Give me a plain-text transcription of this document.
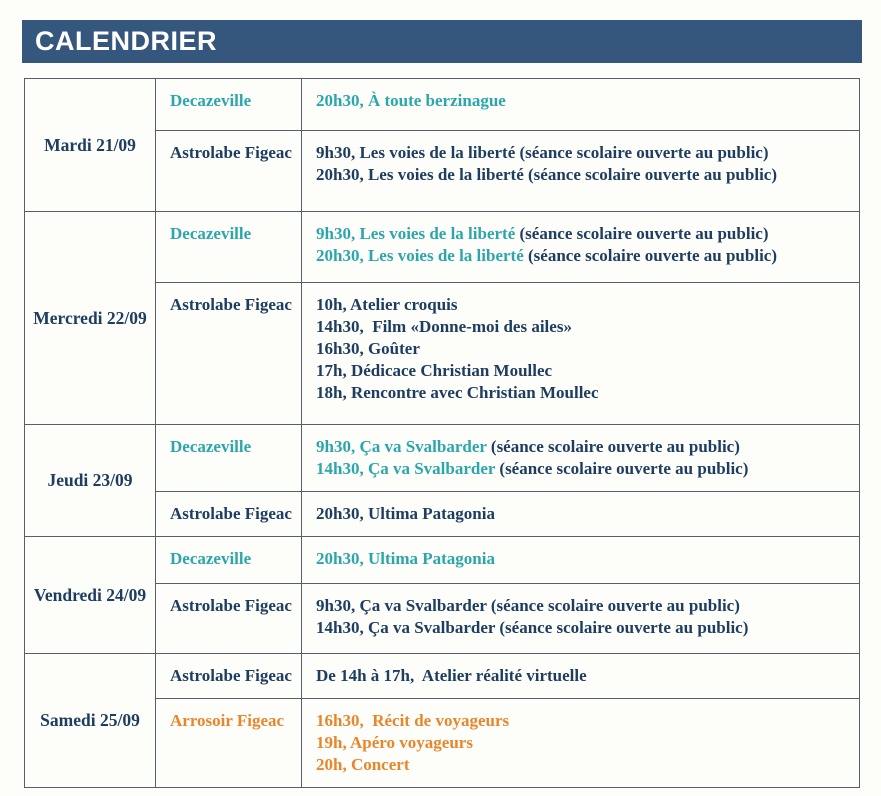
CALENDRIER
Mardi 21/09
Decazeville	20h30, À toute berzinague
Astrolabe Figeac	9h30, Les voies de la liberté (séance scolaire ouverte au public)
20h30, Les voies de la liberté (séance scolaire ouverte au public)
Mercredi 22/09
Decazeville	9h30, Les voies de la liberté (séance scolaire ouverte au public)
20h30, Les voies de la liberté (séance scolaire ouverte au public)
Astrolabe Figeac	10h, Atelier croquis
14h30,  Film «Donne-moi des ailes»
16h30, Goûter
17h, Dédicace Christian Moullec
18h, Rencontre avec Christian Moullec
Jeudi 23/09
Decazeville	9h30, Ça va Svalbarder (séance scolaire ouverte au public)
14h30, Ça va Svalbarder (séance scolaire ouverte au public)
Astrolabe Figeac	20h30, Ultima Patagonia
Vendredi 24/09
Decazeville	20h30, Ultima Patagonia
Astrolabe Figeac	9h30, Ça va Svalbarder (séance scolaire ouverte au public)
14h30, Ça va Svalbarder (séance scolaire ouverte au public)
Samedi 25/09
Astrolabe Figeac	De 14h à 17h,  Atelier réalité virtuelle
Arrosoir Figeac	16h30,  Récit de voyageurs
19h, Apéro voyageurs
20h, Concert
